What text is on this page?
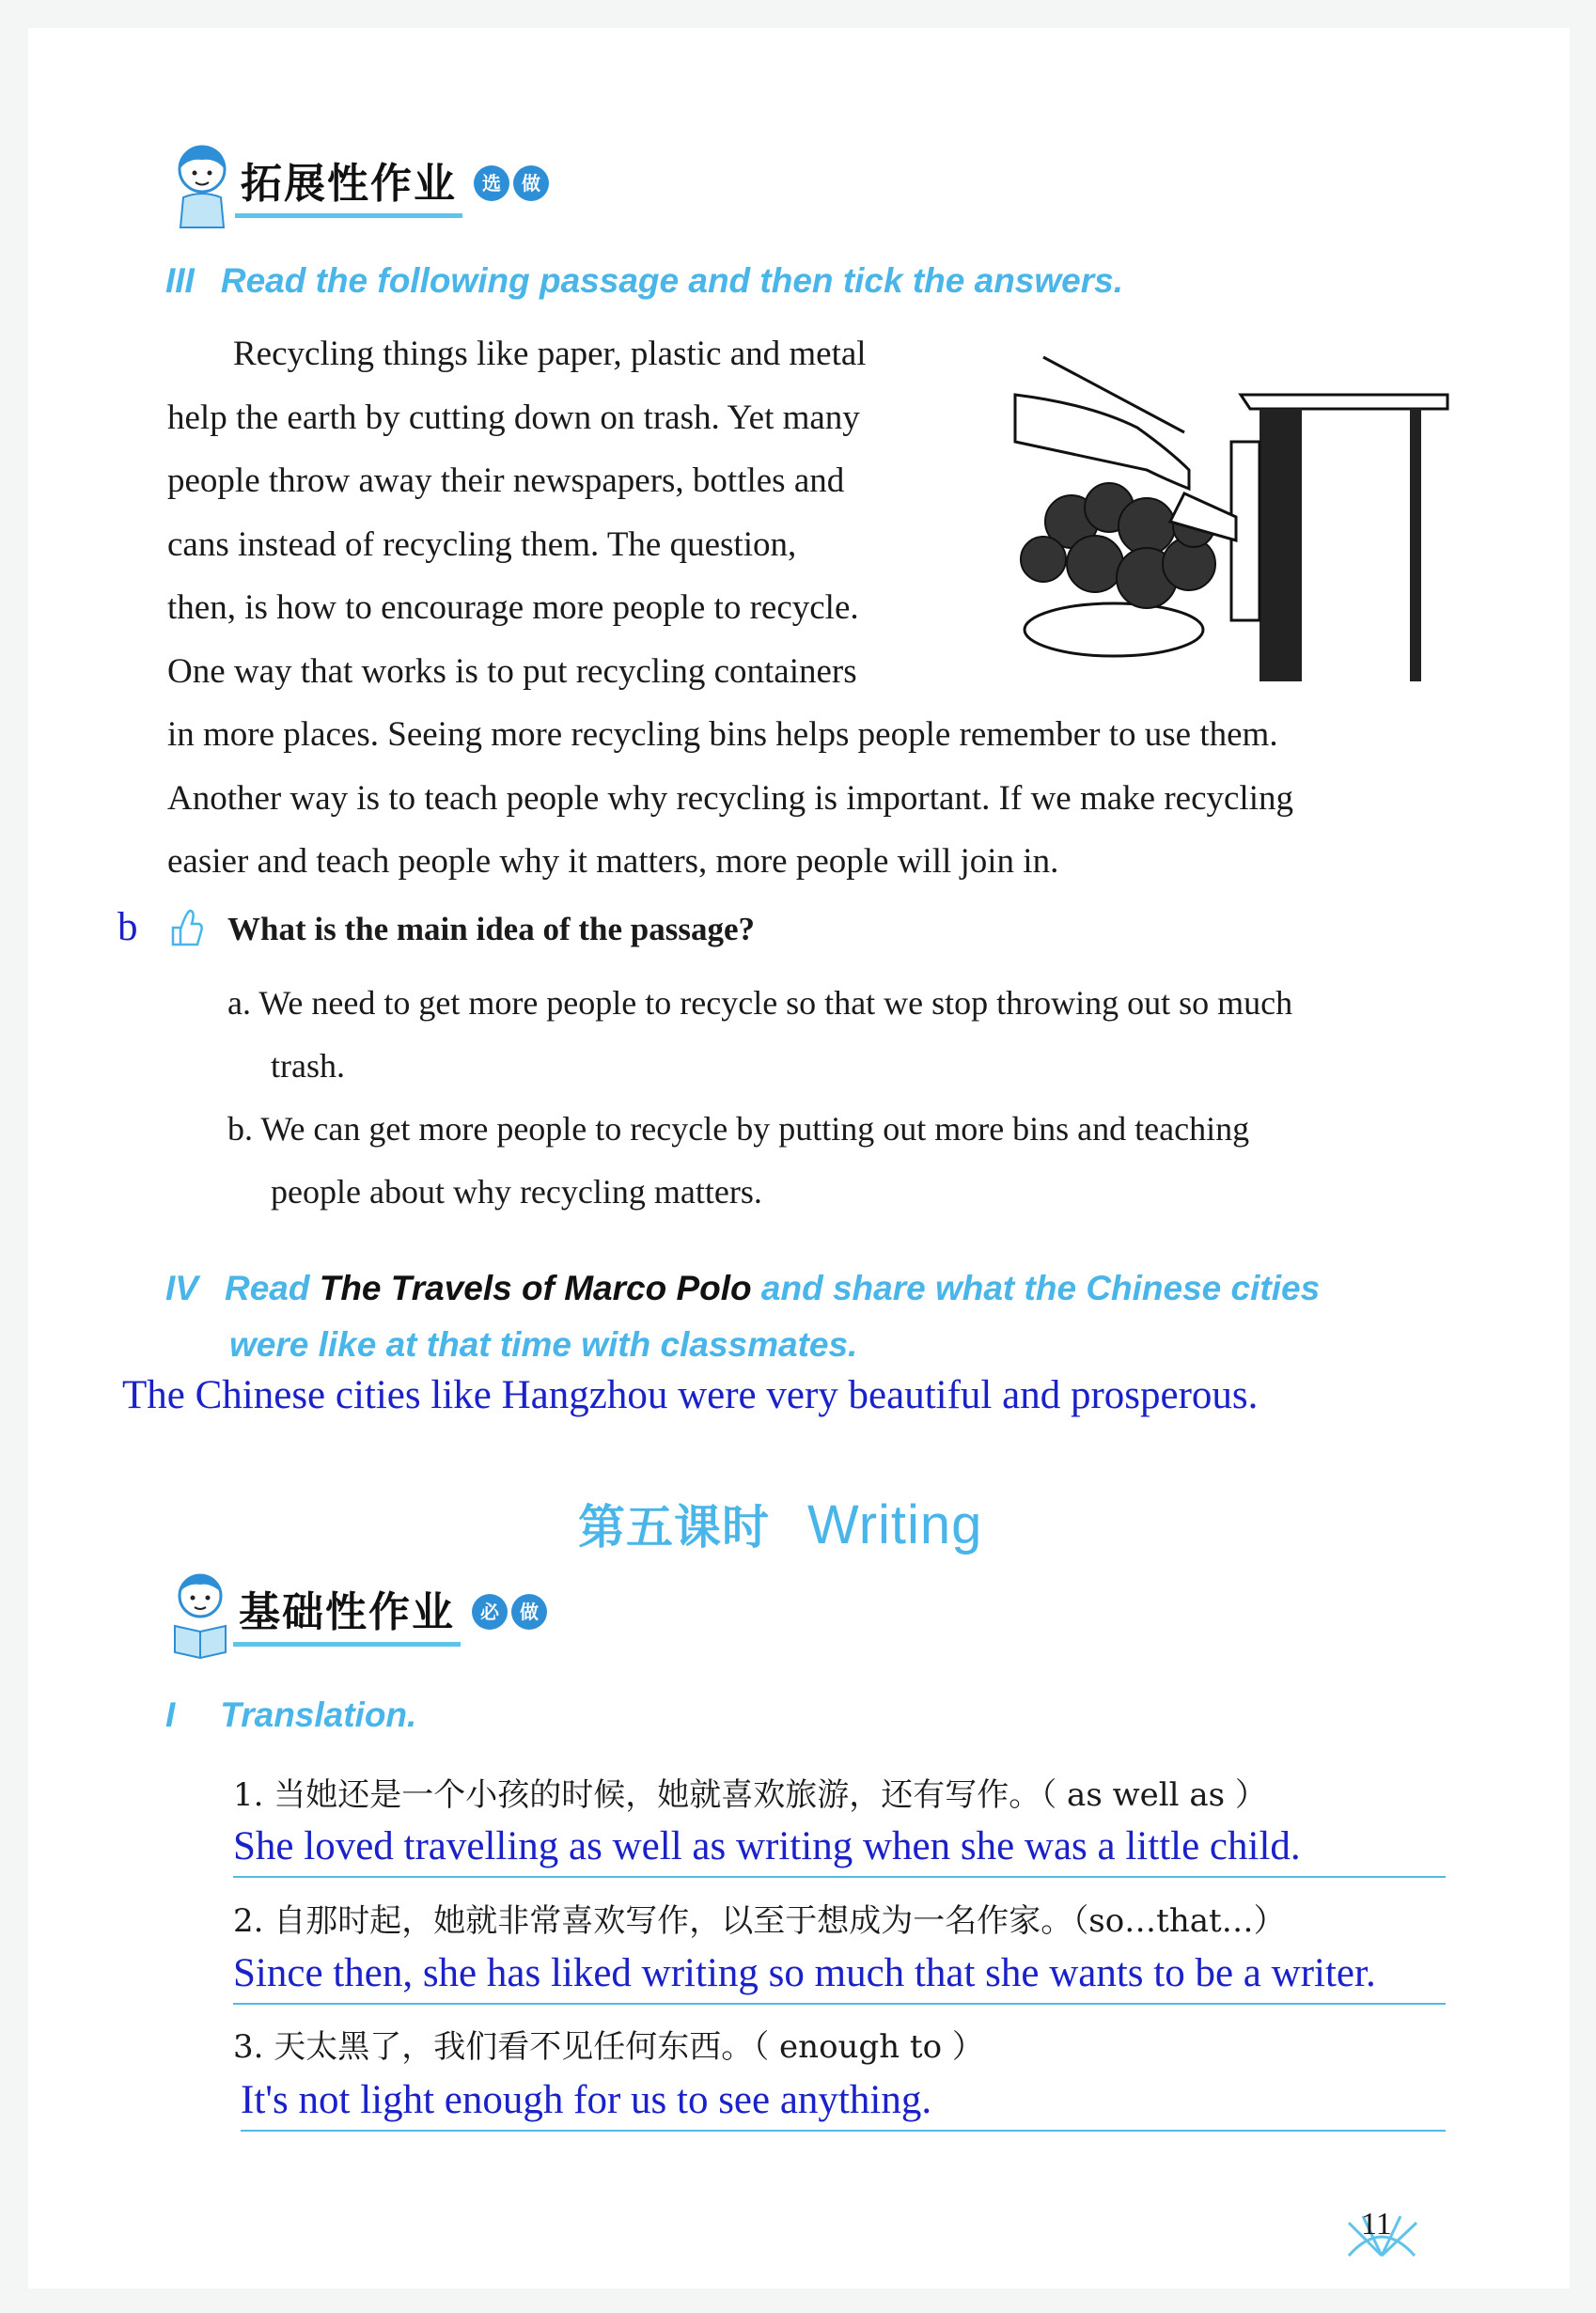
拓展性作业	选	做
III Read the following passage and then tick the answers.
Recycling things like paper, plastic and metal
help the earth by cutting down on trash. Yet many
people throw away their newspapers, bottles and
cans instead of recycling them. The question,
then, is how to encourage more people to recycle.
One way that works is to put recycling containers
in more places. Seeing more recycling bins helps people remember to use them.
Another way is to teach people why recycling is important. If we make recycling
easier and teach people why it matters, more people will join in.
b	What is the main idea of the passage?
a. We need to get more people to recycle so that we stop throwing out so much
trash.
b. We can get more people to recycle by putting out more bins and teaching
people about why recycling matters.
IV Read The Travels of Marco Polo and share what the Chinese cities
were like at that time with classmates.
The Chinese cities like Hangzhou were very beautiful and prosperous.
第五课时 Writing
基础性作业	必	做
I Translation.
1. 当她还是一个小孩的时候，她就喜欢旅游，还有写作。（ as well as ）
She loved travelling as well as writing when she was a little child.
2. 自那时起，她就非常喜欢写作，以至于想成为一名作家。（so…that…）
Since then, she has liked writing so much that she wants to be a writer.
3. 天太黑了，我们看不见任何东西。（ enough to ）
It's not light enough for us to see anything.
11
